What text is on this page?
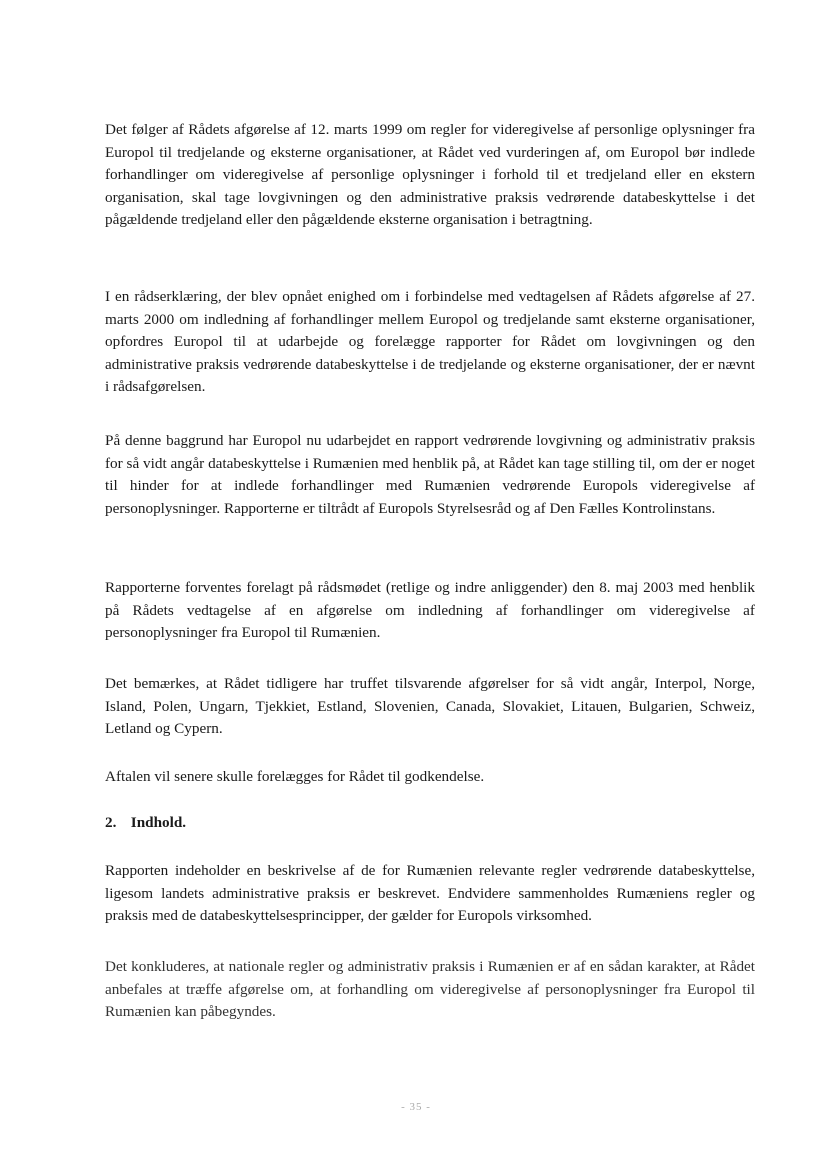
Det følger af Rådets afgørelse af 12. marts 1999 om regler for videregivelse af personlige oplysninger fra Europol til tredjelande og eksterne organisationer, at Rådet ved vurderingen af, om Europol bør indlede forhandlinger om videregivelse af personlige oplysninger i forhold til et tredjeland eller en ekstern organisation, skal tage lovgivningen og den administrative praksis vedrørende databeskyttelse i det pågældende tredjeland eller den pågældende eksterne organisation i betragtning.

I en rådserklæring, der blev opnået enighed om i forbindelse med vedtagelsen af Rådets afgørelse af 27. marts 2000 om indledning af forhandlinger mellem Europol og tredjelande samt eksterne organisationer, opfordres Europol til at udarbejde og forelægge rapporter for Rådet om lovgivningen og den administrative praksis vedrørende databeskyttelse i de tredjelande og eksterne organisationer, der er nævnt i rådsafgørelsen.

På denne baggrund har Europol nu udarbejdet en rapport vedrørende lovgivning og administrativ praksis for så vidt angår databeskyttelse i Rumænien med henblik på, at Rådet kan tage stilling til, om der er noget til hinder for at indlede forhandlinger med Rumænien vedrørende Europols videregivelse af personoplysninger. Rapporterne er tiltrådt af Europols Styrelsesråd og af Den Fælles Kontrolinstans.

Rapporterne forventes forelagt på rådsmødet (retlige og indre anliggender) den 8. maj 2003 med henblik på Rådets vedtagelse af en afgørelse om indledning af forhandlinger om videregivelse af personoplysninger fra Europol til Rumænien.

Det bemærkes, at Rådet tidligere har truffet tilsvarende afgørelser for så vidt angår, Interpol, Norge, Island, Polen, Ungarn, Tjekkiet, Estland, Slovenien, Canada, Slovakiet, Litauen, Bulgarien, Schweiz, Letland og Cypern.

Aftalen vil senere skulle forelægges for Rådet til godkendelse.

2. Indhold.

Rapporten indeholder en beskrivelse af de for Rumænien relevante regler vedrørende databeskyttelse, ligesom landets administrative praksis er beskrevet. Endvidere sammenholdes Rumæniens regler og praksis med de databeskyttelsesprincipper, der gælder for Europols virksomhed.

Det konkluderes, at nationale regler og administrativ praksis i Rumænien er af en sådan karakter, at Rådet anbefales at træffe afgørelse om, at forhandling om videregivelse af personoplysninger fra Europol til Rumænien kan påbegyndes.

- 35 -
